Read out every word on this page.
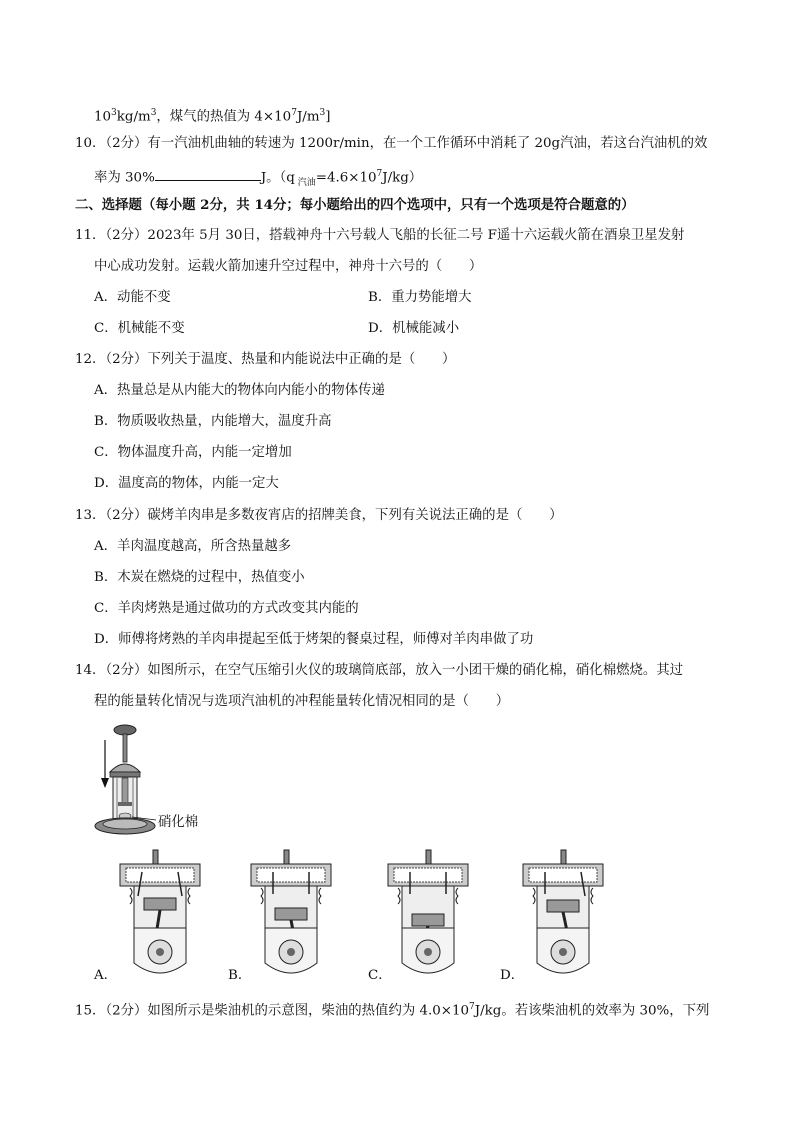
$10^3kg/m^3$，煤气的热值为 $4\times 10^7J/m^3$]
10．（2分）有一汽油机曲轴的转速为 1200r/min，在一个工作循环中消耗了 20g汽油，若这台汽油机的效
率为 30%	J。（q $_{汽油}=4.6\times 10^7J/kg$）
二、选择题（每小题 2分，共 14分；每小题给出的四个选项中，只有一个选项是符合题意的）
11．（2分）2023年 5月 30日，搭载神舟十六号载人飞船的长征二号 F遥十六运载火箭在酒泉卫星发射
中心成功发射。运载火箭加速升空过程中，神舟十六号的（　　）
A．动能不变	B．重力势能增大
C．机械能不变	D．机械能减小
12．（2分）下列关于温度、热量和内能说法中正确的是（　　）
A．热量总是从内能大的物体向内能小的物体传递
B．物质吸收热量，内能增大，温度升高
C．物体温度升高，内能一定增加
D．温度高的物体，内能一定大
13．（2分）碳烤羊肉串是多数夜宵店的招牌美食，下列有关说法正确的是（　　）
A．羊肉温度越高，所含热量越多
B．木炭在燃烧的过程中，热值变小
C．羊肉烤熟是通过做功的方式改变其内能的
D．师傅将烤熟的羊肉串提起至低于烤架的餐桌过程，师傅对羊肉串做了功
14．（2分）如图所示，在空气压缩引火仪的玻璃筒底部，放入一小团干燥的硝化棉，硝化棉燃烧。其过
程的能量转化情况与选项汽油机的冲程能量转化情况相同的是（　　）
硝化棉
A．	B．	C．	D．
15．（2分）如图所示是柴油机的示意图，柴油的热值约为 $4.0\times 10^7J/kg$。若该柴油机的效率为 30%，下列
